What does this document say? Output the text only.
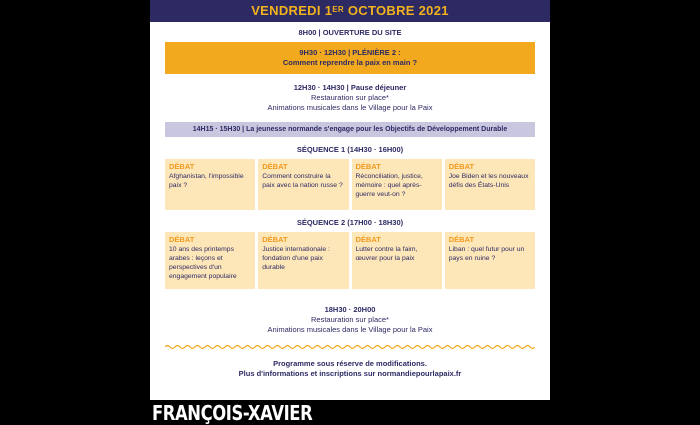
VENDREDI 1ER OCTOBRE 2021
8H00 | OUVERTURE DU SITE
9H30 · 12H30 | PLÉNIÈRE 2 :
Comment reprendre la paix en main ?
12H30 · 14H30 | Pause déjeuner
Restauration sur place*
Animations musicales dans le Village pour la Paix
14H15 · 15H30 | La jeunesse normande s'engage pour les Objectifs de Développement Durable
SÉQUENCE 1 (14H30 · 16H00)
DÉBAT
Afghanistan, l'impossible paix ?
DÉBAT
Comment construire la paix avec la nation russe ?
DÉBAT
Réconciliation, justice, mémoire : quel après-guerre veut-on ?
DÉBAT
Joe Biden et les nouveaux défis des États-Unis
SÉQUENCE 2 (17H00 · 18H30)
DÉBAT
10 ans des printemps arabes : leçons et perspectives d'un engagement populaire
DÉBAT
Justice internationale : fondation d'une paix durable
DÉBAT
Lutter contre la faim, œuvrer pour la paix
DÉBAT
Liban : quel futur pour un pays en ruine ?
18H30 · 20H00
Restauration sur place*
Animations musicales dans le Village pour la Paix
Programme sous réserve de modifications.
Plus d'informations et inscriptions sur normandiepourlapaix.fr
FRANÇOIS-XAVIER
